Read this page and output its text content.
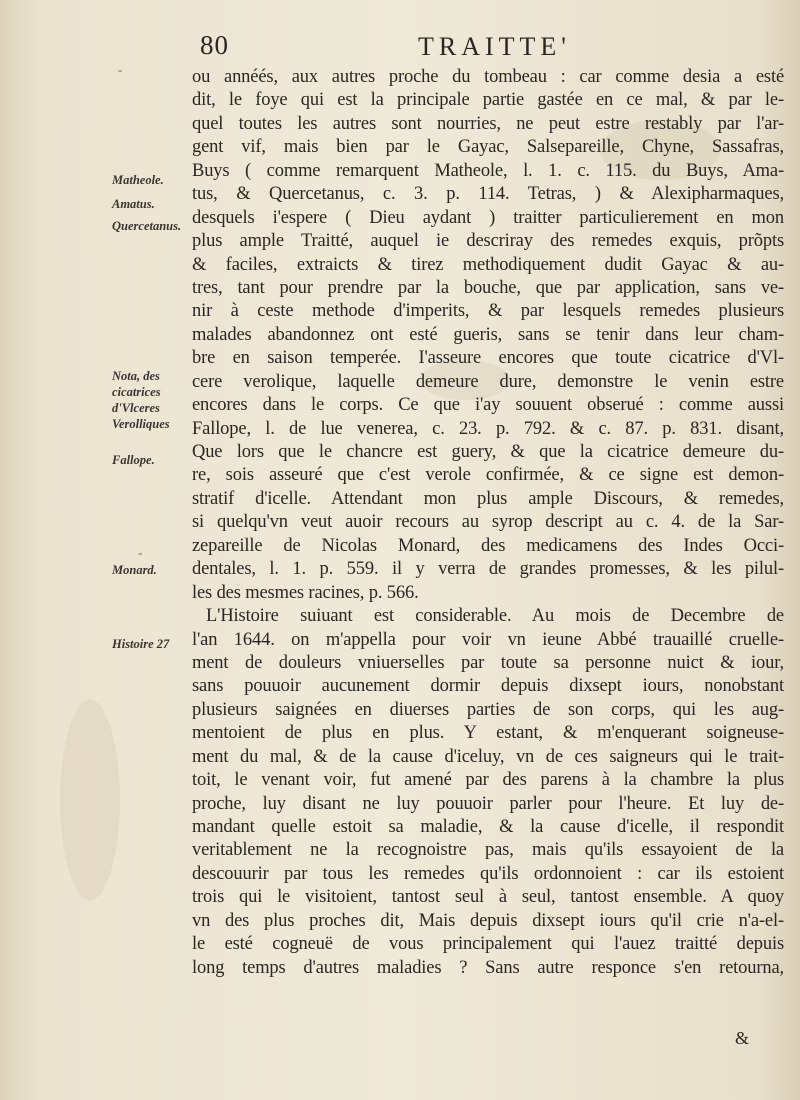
-
-
80	TRAITTE'
Matheole.
Amatus.
Quercetanus.
Nota, des cicatrices d'Vlceres Verolliques
Fallope.
Monard.
Histoire 27
ou annéés, aux autres proche du tombeau : car comme desia a esté
dit, le foye qui est la principale partie gastée en ce mal, & par le-
quel toutes les autres sont nourries, ne peut estre restably par l'ar-
gent vif, mais bien par le Gayac, Salsepareille, Chyne, Sassafras,
Buys ( comme remarquent Matheole, l. 1. c. 115. du Buys, Ama-
tus, & Quercetanus, c. 3. p. 114. Tetras, ) & Alexipharmaques,
desquels i'espere ( Dieu aydant ) traitter particulierement en mon
plus ample Traitté, auquel ie descriray des remedes exquis, prõpts
& faciles, extraicts & tirez methodiquement dudit Gayac & au-
tres, tant pour prendre par la bouche, que par application, sans ve-
nir à ceste methode d'imperits, & par lesquels remedes plusieurs
malades abandonnez ont esté gueris, sans se tenir dans leur cham-
bre en saison temperée. I'asseure encores que toute cicatrice d'Vl-
cere verolique, laquelle demeure dure, demonstre le venin estre
encores dans le corps. Ce que i'ay souuent obserué : comme aussi
Fallope, l. de lue venerea, c. 23. p. 792. & c. 87. p. 831. disant,
Que lors que le chancre est guery, & que la cicatrice demeure du-
re, sois asseuré que c'est verole confirmée, & ce signe est demon-
stratif d'icelle. Attendant mon plus ample Discours, & remedes,
si quelqu'vn veut auoir recours au syrop descript au c. 4. de la Sar-
zepareille de Nicolas Monard, des medicamens des Indes Occi-
dentales, l. 1. p. 559. il y verra de grandes promesses, & les pilul-
les des mesmes racines, p. 566.
L'Histoire suiuant est considerable. Au mois de Decembre de
l'an 1644. on m'appella pour voir vn ieune Abbé trauaillé cruelle-
ment de douleurs vniuerselles par toute sa personne nuict & iour,
sans pouuoir aucunement dormir depuis dixsept iours, nonobstant
plusieurs saignées en diuerses parties de son corps, qui les aug-
mentoient de plus en plus. Y estant, & m'enquerant soigneuse-
ment du mal, & de la cause d'iceluy, vn de ces saigneurs qui le trait-
toit, le venant voir, fut amené par des parens à la chambre la plus
proche, luy disant ne luy pouuoir parler pour l'heure. Et luy de-
mandant quelle estoit sa maladie, & la cause d'icelle, il respondit
veritablement ne la recognoistre pas, mais qu'ils essayoient de la
descouurir par tous les remedes qu'ils ordonnoient : car ils estoient
trois qui le visitoient, tantost seul à seul, tantost ensemble. A quoy
vn des plus proches dit, Mais depuis dixsept iours qu'il crie n'a-el-
le esté cogneuë de vous principalement qui l'auez traitté depuis
long temps d'autres maladies ? Sans autre responce s'en retourna,
&
